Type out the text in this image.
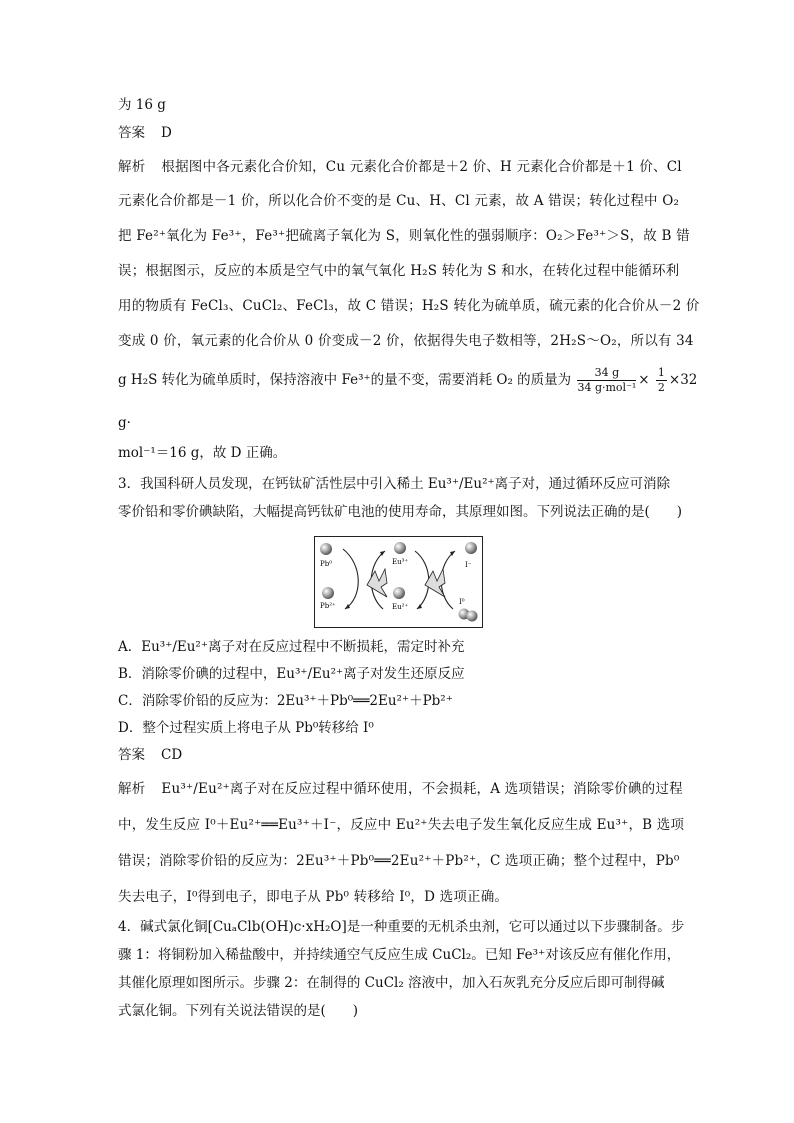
为 16 g
答案 D
解析 根据图中各元素化合价知，Cu 元素化合价都是＋2 价、H 元素化合价都是＋1 价、Cl
元素化合价都是－1 价，所以化合价不变的是 Cu、H、Cl 元素，故 A 错误；转化过程中 O₂
把 Fe²⁺氧化为 Fe³⁺，Fe³⁺把硫离子氧化为 S，则氧化性的强弱顺序：O₂＞Fe³⁺＞S，故 B 错
误；根据图示，反应的本质是空气中的氧气氧化 H₂S 转化为 S 和水，在转化过程中能循环利
用的物质有 FeCl₃、CuCl₂、FeCl₃，故 C 错误；H₂S 转化为硫单质，硫元素的化合价从－2 价
变成 0 价，氧元素的化合价从 0 价变成－2 价，依据得失电子数相等，2H₂S～O₂，所以有 34
g H₂S 转化为硫单质时，保持溶液中 Fe³⁺的量不变，需要消耗 O₂ 的质量为 $\frac{34 g}{\text{34 g·mol⁻¹}} \times \frac{1}{2} \times 32$
g·
mol⁻¹＝16 g，故 D 正确。
3．我国科研人员发现，在钙钛矿活性层中引入稀土 Eu³⁺/Eu²⁺离子对，通过循环反应可消除
零价铅和零价碘缺陷，大幅提高钙钛矿电池的使用寿命，其原理如图。下列说法正确的是(　　)
Pb⁰
Pb²⁺
Eu³⁺
Eu²⁺
I⁻
I⁰
A．Eu³⁺/Eu²⁺离子对在反应过程中不断损耗，需定时补充
B．消除零价碘的过程中，Eu³⁺/Eu²⁺离子对发生还原反应
C．消除零价铅的反应为：2Eu³⁺＋Pb⁰══2Eu²⁺＋Pb²⁺
D．整个过程实质上将电子从 Pb⁰转移给 I⁰
答案 CD
解析 Eu³⁺/Eu²⁺离子对在反应过程中循环使用，不会损耗，A 选项错误；消除零价碘的过程
中，发生反应 I⁰＋Eu²⁺══Eu³⁺＋I⁻，反应中 Eu²⁺失去电子发生氧化反应生成 Eu³⁺，B 选项
错误；消除零价铅的反应为：2Eu³⁺＋Pb⁰══2Eu²⁺＋Pb²⁺，C 选项正确；整个过程中，Pb⁰
失去电子，I⁰得到电子，即电子从 Pb⁰ 转移给 I⁰，D 选项正确。
4．碱式氯化铜[CuₐClb(OH)c·xH₂O]是一种重要的无机杀虫剂，它可以通过以下步骤制备。步
骤 1：将铜粉加入稀盐酸中，并持续通空气反应生成 CuCl₂。已知 Fe³⁺对该反应有催化作用，
其催化原理如图所示。步骤 2：在制得的 CuCl₂ 溶液中，加入石灰乳充分反应后即可制得碱
式氯化铜。下列有关说法错误的是(　　)
